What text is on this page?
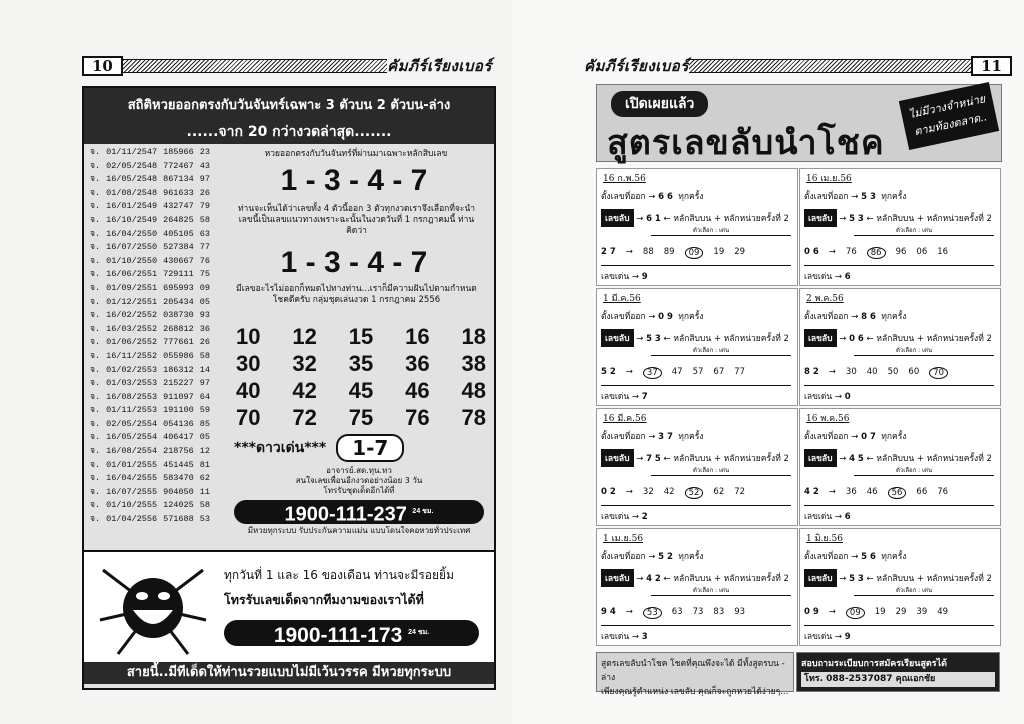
10	คัมภีร์เรียงเบอร์
สถิติหวยออกตรงกับวันจันทร์เฉพาะ 3 ตัวบน 2 ตัวบน-ล่าง
......จาก 20 กว่างวดล่าสุด.......
จ. 01/11/2547 185966 23
จ. 02/05/2548 772467 43
จ. 16/05/2548 867134 97
จ. 01/08/2548 961633 26
จ. 16/01/2549 432747 79
จ. 16/10/2549 264825 58
จ. 16/04/2550 405105 63
จ. 16/07/2550 527384 77
จ. 01/10/2550 430667 76
จ. 16/06/2551 729111 75
จ. 01/09/2551 695993 09
จ. 01/12/2551 205434 05
จ. 16/02/2552 038730 93
จ. 16/03/2552 268812 36
จ. 01/06/2552 777661 26
จ. 16/11/2552 055986 58
จ. 01/02/2553 186312 14
จ. 01/03/2553 215227 97
จ. 16/08/2553 911097 64
จ. 01/11/2553 191100 59
จ. 02/05/2554 054136 85
จ. 16/05/2554 406417 05
จ. 16/08/2554 218756 12
จ. 01/01/2555 451445 81
จ. 16/04/2555 583470 62
จ. 16/07/2555 904050 11
จ. 01/10/2555 124025 58
จ. 01/04/2556 571688 53
หวยออกตรงกับวันจันทร์ที่ผ่านมาเฉพาะหลักสิบเลข
1 - 3 - 4 - 7
ท่านจะเห็นได้ว่าเลขทั้ง 4 ตัวนี้ออก 3 ตัวทุกงวดเราจึงเลือกที่จะนำเลขนี้เป็นเลขแนวทางเพราะฉะนั้นในงวดวันที่ 1 กรกฎาคมนี้ ท่านคิดว่า
1 - 3 - 4 - 7
มีเลขอะไรไม่ออกก็หมดไปทางท่าน...เราก็มีความฝันไปตามกำหนดโชคดีครับ กลุ่มชุดเล่นงวด 1 กรกฎาคม 2556
10 12 15 16 18
30 32 35 36 38
40 42 45 46 48
70 72 75 76 78
***ดาวเด่น***	1-7
อาจารย์.สด.ทุน.ทว
สนใจเลขเพื่อนอีกงวดอย่างน้อย 3 วัน
โทรรับชุดเด็ดอีกได้ที่
1900-111-237 $^{24 ชม.}$
มีหวยทุกระบบ รับประกันความแม่น แบบโดนใจคอหวยทั่วประเทศ
ทุกวันที่ 1 และ 16 ของเดือน ท่านจะมีรอยยิ้ม
โทรรับเลขเด็ดจากทีมงามของเราได้ที่
1900-111-173 $^{24 ชม.}$
สายนี้..มีทีเด็ดให้ท่านรวยแบบไม่มีเว้นวรรค มีหวยทุกระบบ
คัมภีร์เรียงเบอร์	11
เปิดเผยแล้ว
สูตรเลขลับนำโชค
ไม่มีวางจำหน่ายตามท้องตลาด..
16 ก.พ.56
ตั้งเลขที่ออก → 6 6 ทุกครั้ง
เลขลับ → 6 1 ← หลักสิบบน + หลักหน่วยครั้งที่ 2
ตัวเลือก : เด่น
2 7 → 88 89	09	19 29
เลขเด่น → 9
16 เม.ย.56
ตั้งเลขที่ออก → 5 3 ทุกครั้ง
เลขลับ → 5 3 ← หลักสิบบน + หลักหน่วยครั้งที่ 2
ตัวเลือก : เด่น
0 6 → 76	86	96 06 16
เลขเด่น → 6
1 มี.ค.56
ตั้งเลขที่ออก → 0 9 ทุกครั้ง
เลขลับ → 5 3 ← หลักสิบบน + หลักหน่วยครั้งที่ 2
ตัวเลือก : เด่น
5 2 →	37	47 57 67 77
เลขเด่น → 7
2 พ.ค.56
ตั้งเลขที่ออก → 8 6 ทุกครั้ง
เลขลับ → 0 6 ← หลักสิบบน + หลักหน่วยครั้งที่ 2
ตัวเลือก : เด่น
8 2 → 30 40 50 60	70
เลขเด่น → 0
16 มี.ค.56
ตั้งเลขที่ออก → 3 7 ทุกครั้ง
เลขลับ → 7 5 ← หลักสิบบน + หลักหน่วยครั้งที่ 2
ตัวเลือก : เด่น
0 2 → 32 42	52	62 72
เลขเด่น → 2
16 พ.ค.56
ตั้งเลขที่ออก → 0 7 ทุกครั้ง
เลขลับ → 4 5 ← หลักสิบบน + หลักหน่วยครั้งที่ 2
ตัวเลือก : เด่น
4 2 → 36 46	56	66 76
เลขเด่น → 6
1 เม.ย.56
ตั้งเลขที่ออก → 5 2 ทุกครั้ง
เลขลับ → 4 2 ← หลักสิบบน + หลักหน่วยครั้งที่ 2
ตัวเลือก : เด่น
9 4 →	53	63 73 83 93
เลขเด่น → 3
1 มิ.ย.56
ตั้งเลขที่ออก → 5 6 ทุกครั้ง
เลขลับ → 5 3 ← หลักสิบบน + หลักหน่วยครั้งที่ 2
ตัวเลือก : เด่น
0 9 →	09	19 29 39 49
เลขเด่น → 9
สูตรเลขลับนำโชค โชคที่คุณพึงจะได้ มีทั้งสูตรบน - ล่าง
เพียงคุณรู้ตำแหน่ง เลขลับ คุณก็จะถูกหวยได้ง่ายๆ...
สอบถามระเบียบการสมัครเรียนสูตรได้
โทร. 088-2537087 คุณเอกชัย
